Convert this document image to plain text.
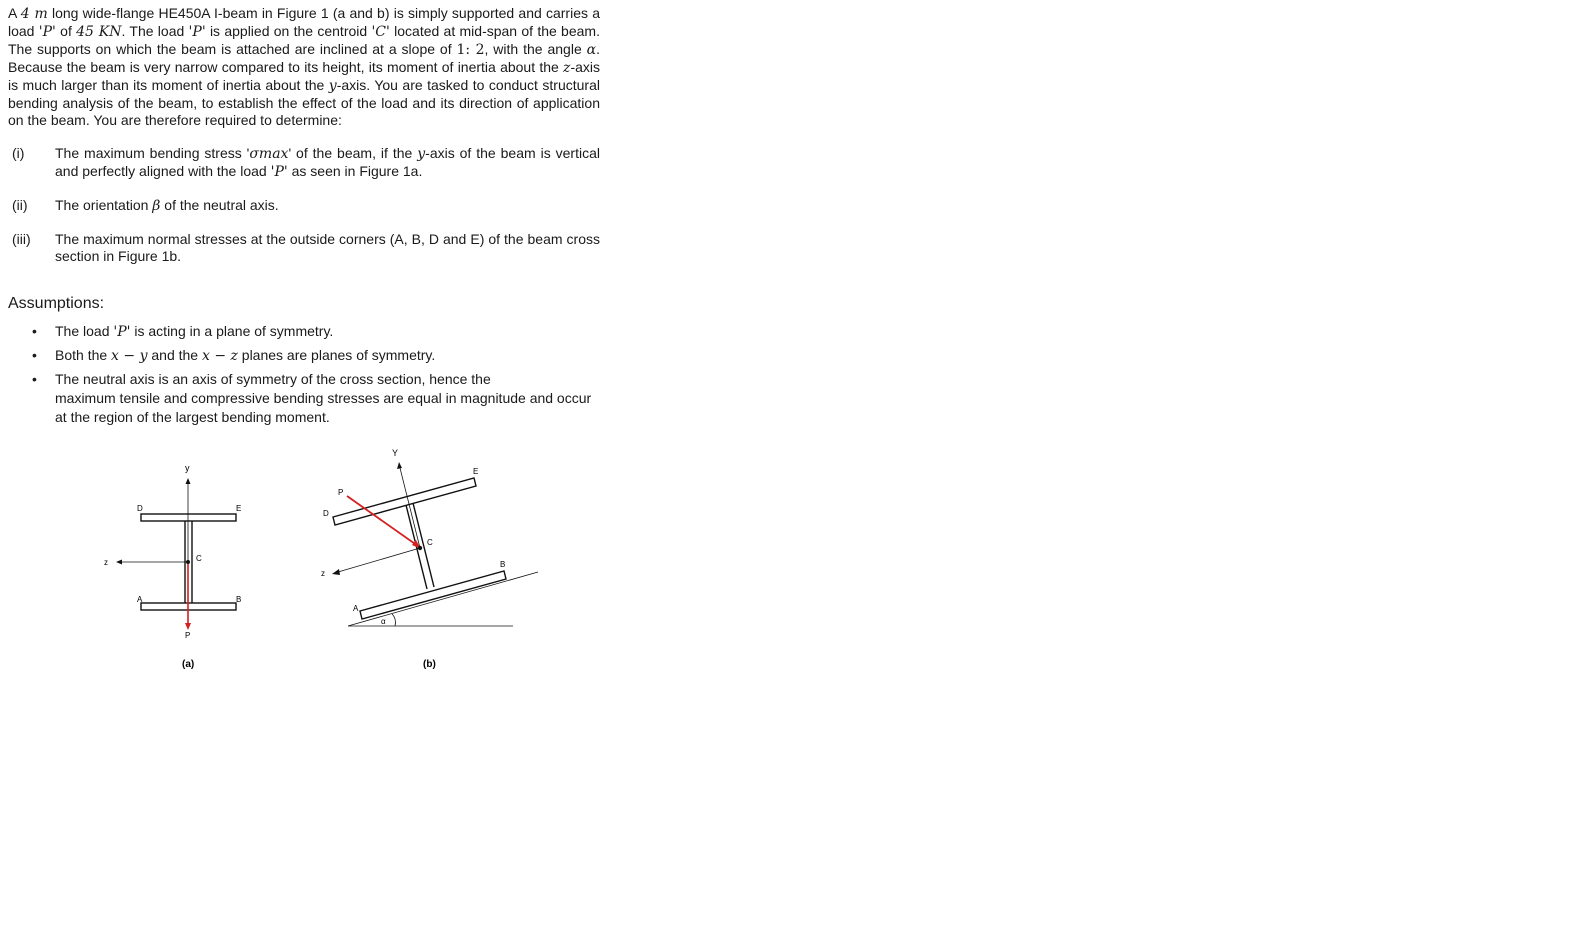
A 4 m long wide-flange HE450A I-beam in Figure 1 (a and b) is simply supported and carries a load 'P' of 45 KN. The load 'P' is applied on the centroid 'C' located at mid-span of the beam. The supports on which the beam is attached are inclined at a slope of 1: 2, with the angle α. Because the beam is very narrow compared to its height, its moment of inertia about the z-axis is much larger than its moment of inertia about the y-axis. You are tasked to conduct structural bending analysis of the beam, to establish the effect of the load and its direction of application on the beam. You are therefore required to determine:

(i) The maximum bending stress 'σmax' of the beam, if the y-axis of the beam is vertical and perfectly aligned with the load 'P' as seen in Figure 1a.
(ii) The orientation β of the neutral axis.
(iii) The maximum normal stresses at the outside corners (A, B, D and E) of the beam cross section in Figure 1b.
Assumptions:
• The load 'P' is acting in a plane of symmetry.
• Both the x − y and the x − z planes are planes of symmetry.
• The neutral axis is an axis of symmetry of the cross section, hence the
maximum tensile and compressive bending stresses are equal in magnitude and occur at the region of the largest bending moment.
y
z	C
D	E
A	B
P
Y
z
C
D
E
A
B
P
α
(a)	(b)
